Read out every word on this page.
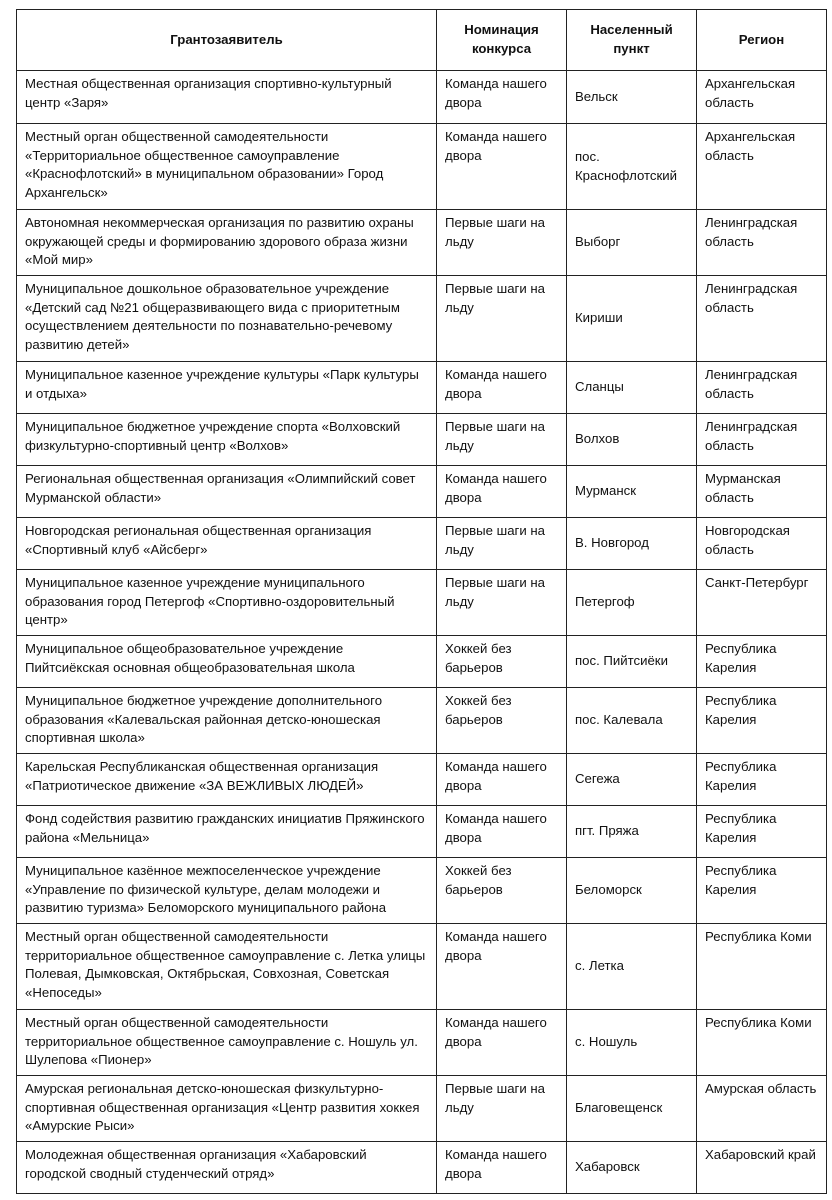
Грантозаявитель	Номинация конкурса	Населенный пункт	Регион
Местная общественная организация спортивно-культурный центр «Заря»	Команда нашего двора	Вельск	Архангельская область
Местный орган общественной самодеятельности «Территориальное общественное самоуправление «Краснофлотский» в муниципальном образовании» Город Архангельск»	Команда нашего двора	пос. Краснофлотский	Архангельская область
Автономная некоммерческая организация по развитию охраны окружающей среды и формированию здорового образа жизни «Мой мир»	Первые шаги на льду	Выборг	Ленинградская область
Муниципальное дошкольное образовательное учреждение «Детский сад №21 общеразвивающего вида с приоритетным осуществлением деятельности по познавательно-речевому развитию детей»	Первые шаги на льду	Кириши	Ленинградская область
Муниципальное казенное учреждение культуры «Парк культуры и отдыха»	Команда нашего двора	Сланцы	Ленинградская область
Муниципальное бюджетное учреждение спорта «Волховский физкультурно-спортивный центр «Волхов»	Первые шаги на льду	Волхов	Ленинградская область
Региональная общественная организация «Олимпийский совет Мурманской области»	Команда нашего двора	Мурманск	Мурманская область
Новгородская региональная общественная организация «Спортивный клуб «Айсберг»	Первые шаги на льду	В. Новгород	Новгородская область
Муниципальное казенное учреждение муниципального образования город Петергоф «Спортивно-оздоровительный центр»	Первые шаги на льду	Петергоф	Санкт-Петербург
Муниципальное общеобразовательное учреждение Пийтсиёкская основная общеобразовательная школа	Хоккей без барьеров	пос. Пийтсиёки	Республика Карелия
Муниципальное бюджетное учреждение дополнительного образования «Калевальская районная детско-юношеская спортивная школа»	Хоккей без барьеров	пос. Калевала	Республика Карелия
Карельская Республиканская общественная организация «Патриотическое движение «ЗА ВЕЖЛИВЫХ ЛЮДЕЙ»	Команда нашего двора	Сегежа	Республика Карелия
Фонд содействия развитию гражданских инициатив Пряжинского района «Мельница»	Команда нашего двора	пгт. Пряжа	Республика Карелия
Муниципальное казённое межпоселенческое учреждение «Управление по физической культуре, делам молодежи и развитию туризма» Беломорского муниципального района	Хоккей без барьеров	Беломорск	Республика Карелия
Местный орган общественной самодеятельности территориальное общественное самоуправление с. Летка улицы Полевая, Дымковская, Октябрьская, Совхозная, Советская «Непоседы»	Команда нашего двора	с. Летка	Республика Коми
Местный орган общественной самодеятельности территориальное общественное самоуправление с. Ношуль ул. Шулепова «Пионер»	Команда нашего двора	с. Ношуль	Республика Коми
Амурская региональная детско-юношеская физкультурно-спортивная общественная организация «Центр развития хоккея «Амурские Рыси»	Первые шаги на льду	Благовещенск	Амурская область
Молодежная общественная организация «Хабаровский городской сводный студенческий отряд»	Команда нашего двора	Хабаровск	Хабаровский край
